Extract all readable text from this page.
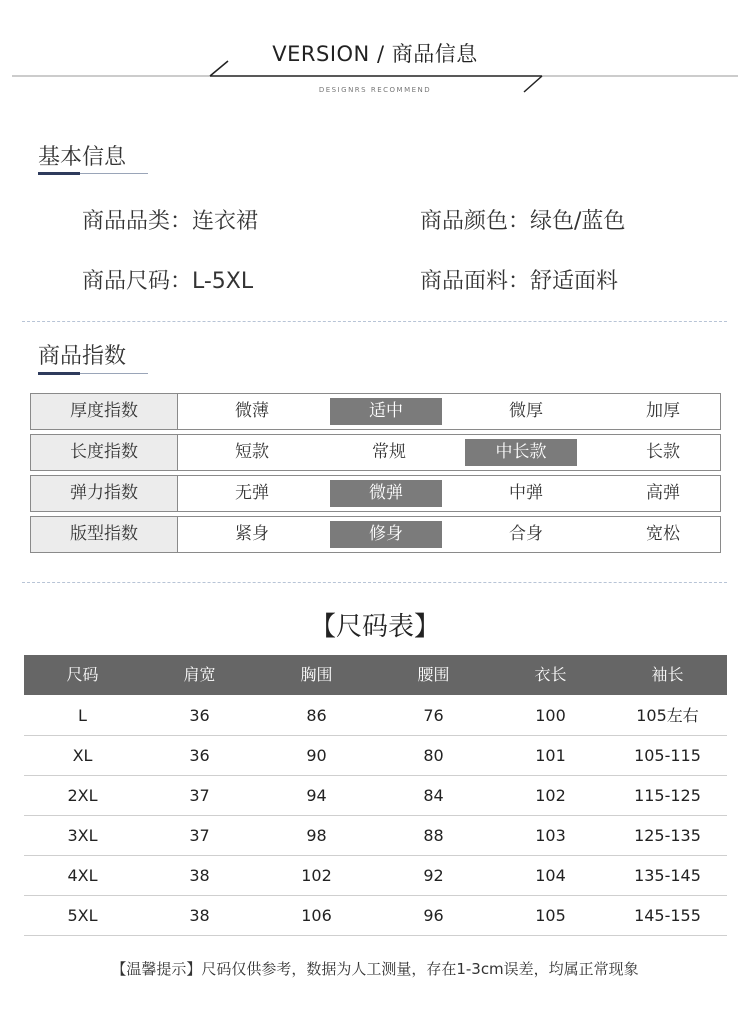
VERSION / 商品信息
DESIGNRS RECOMMEND
基本信息
商品品类：连衣裙	商品颜色：绿色/蓝色
商品尺码：L-5XL	商品面料：舒适面料
商品指数
厚度指数	微薄	适中	微厚	加厚
长度指数	短款	常规	中长款	长款
弹力指数	无弹	微弹	中弹	高弹
版型指数	紧身	修身	合身	宽松
【尺码表】
尺码	肩宽	胸围	腰围	衣长	袖长
L	36	86	76	100	105左右
XL	36	90	80	101	105-115
2XL	37	94	84	102	115-125
3XL	37	98	88	103	125-135
4XL	38	102	92	104	135-145
5XL	38	106	96	105	145-155
【温馨提示】尺码仅供参考，数据为人工测量，存在1-3cm误差，均属正常现象
